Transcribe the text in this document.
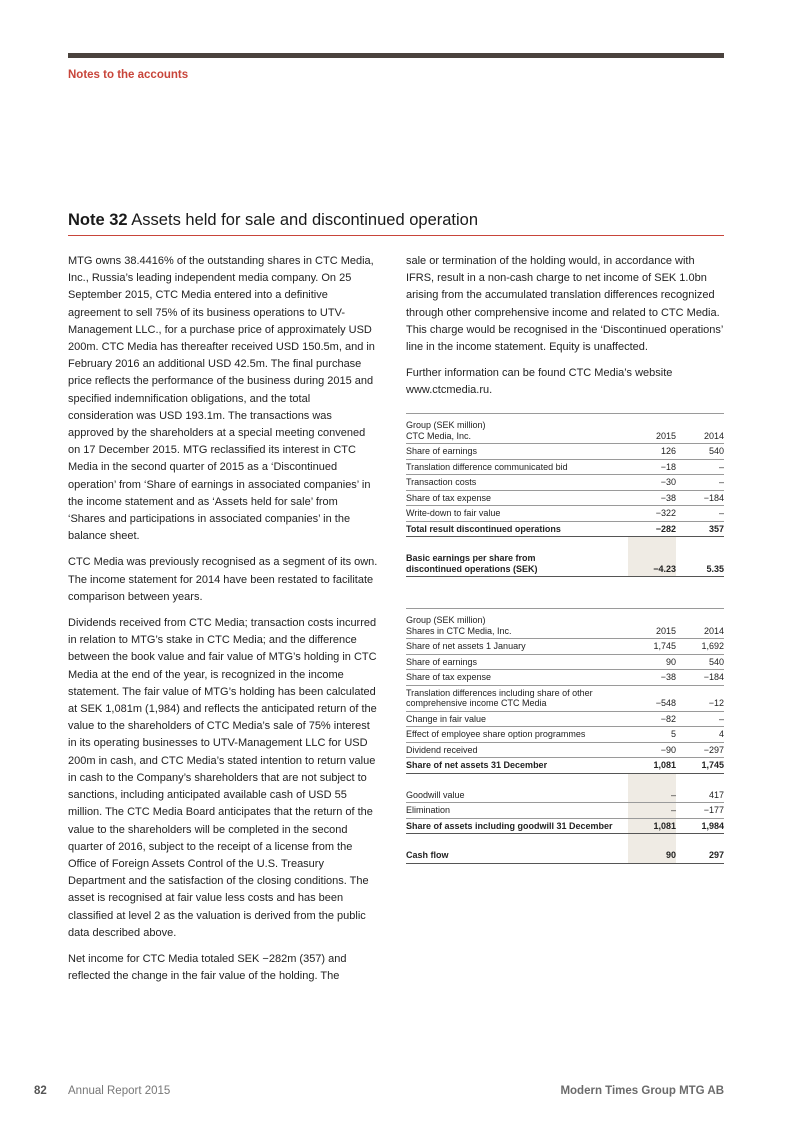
Notes to the accounts
Note 32 Assets held for sale and discontinued operation

MTG owns 38.4416% of the outstanding shares in CTC Media, Inc., Russia’s leading independent media company. On 25 September 2015, CTC Media entered into a definitive agreement to sell 75% of its business operations to UTV-Management LLC., for a purchase price of approximately USD 200m. CTC Media has thereafter received USD 150.5m, and in February 2016 an additional USD 42.5m. The final purchase price reflects the performance of the business during 2015 and specified indemnification obligations, and the total consideration was USD 193.1m. The transactions was approved by the shareholders at a special meeting convened on 17 December 2015. MTG reclassified its interest in CTC Media in the second quarter of 2015 as a ‘Discontinued operation’ from ‘Share of earnings in associated companies’ in the income statement and as ‘Assets held for sale’ from ‘Shares and participations in associated companies’ in the balance sheet.

CTC Media was previously recognised as a segment of its own. The income statement for 2014 have been restated to facilitate comparison between years.

Dividends received from CTC Media; transaction costs incurred in relation to MTG’s stake in CTC Media; and the difference between the book value and fair value of MTG’s holding in CTC Media at the end of the year, is recognized in the income statement. The fair value of MTG’s holding has been calculated at SEK 1,081m (1,984) and reflects the anticipated return of the value to the shareholders of CTC Media’s sale of 75% interest in its operating businesses to UTV-Management LLC for USD 200m in cash, and CTC Media’s stated intention to return value in cash to the Company’s shareholders that are not subject to sanctions, including anticipated available cash of USD 55 million. The CTC Media Board anticipates that the return of the value to the shareholders will be completed in the second quarter of 2016, subject to the receipt of a license from the Office of Foreign Assets Control of the U.S. Treasury Department and the satisfaction of the closing conditions. The asset is recognised at fair value less costs and has been classified at level 2 as the valuation is derived from the public data described above.

Net income for CTC Media totaled SEK −282m (357) and reflected the change in the fair value of the holding. The

sale or termination of the holding would, in accordance with IFRS, result in a non-cash charge to net income of SEK 1.0bn arising from the accumulated translation differences recognized through other comprehensive income and related to CTC Media. This charge would be recognised in the ‘Discontinued operations’ line in the income statement. Equity is unaffected.

Further information can be found CTC Media’s website www.ctcmedia.ru.

Group (SEK million)
CTC Media, Inc.	2015	2014
Share of earnings	126	540
Translation difference communicated bid	−18	–
Transaction costs	−30	–
Share of tax expense	−38	−184
Write-down to fair value	−322	–
Total result discontinued operations	−282	357

Basic earnings per share from
discontinued operations (SEK)	−4.23	5.35
Group (SEK million)
Shares in CTC Media, Inc.	2015	2014
Share of net assets 1 January	1,745	1,692
Share of earnings	90	540
Share of tax expense	−38	−184
Translation differences including share of other
comprehensive income CTC Media	−548	−12
Change in fair value	−82	–
Effect of employee share option programmes	5	4
Dividend received	−90	−297
Share of net assets 31 December	1,081	1,745

Goodwill value	–	417
Elimination	–	−177
Share of assets including goodwill 31 December	1,081	1,984

Cash flow	90	297
82 Annual Report 2015	Modern Times Group MTG AB
